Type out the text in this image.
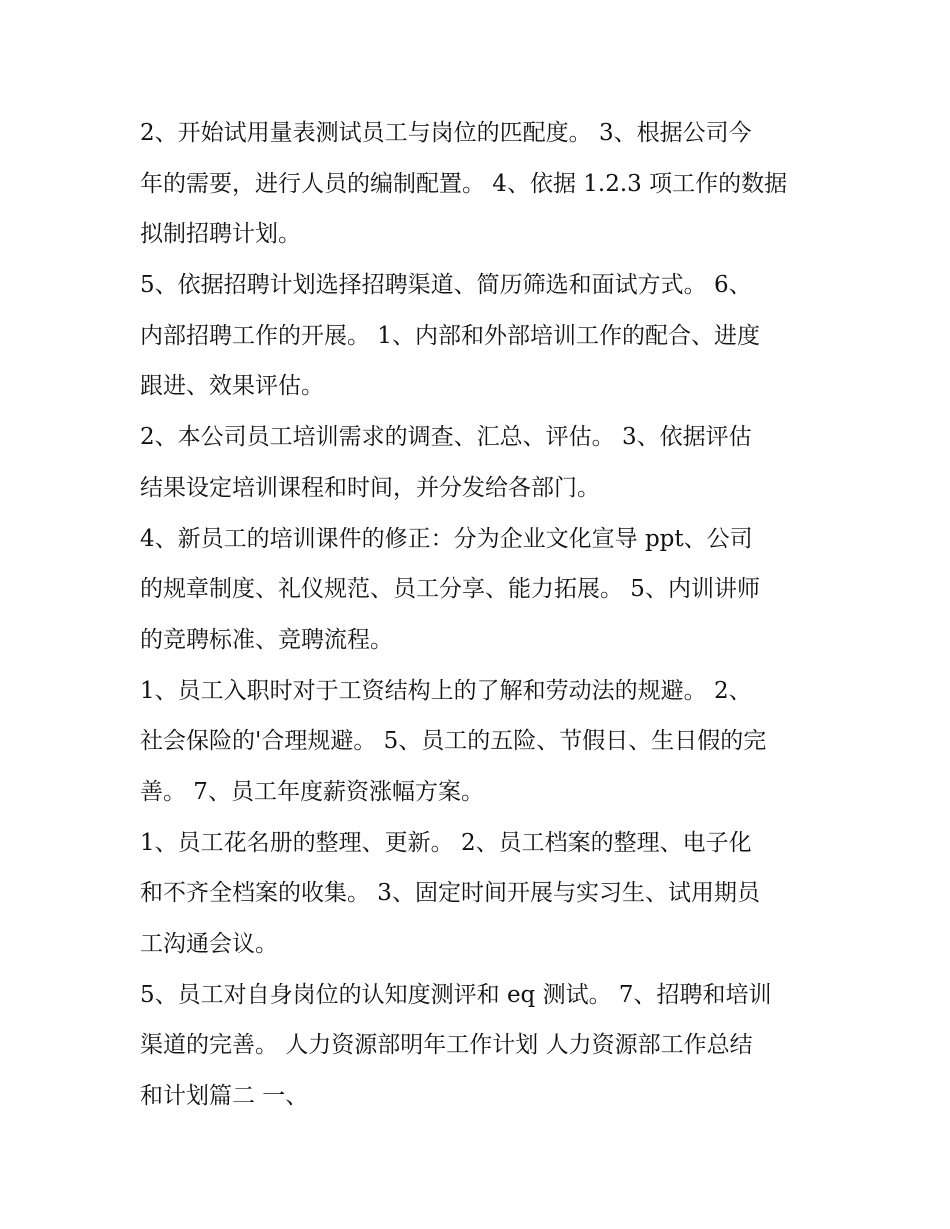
2、开始试用量表测试员工与岗位的匹配度。 3、根据公司今
年的需要，进行人员的编制配置。 4、依据 1.2.3 项工作的数据
拟制招聘计划。

5、依据招聘计划选择招聘渠道、简历筛选和面试方式。 6、
内部招聘工作的开展。 1、内部和外部培训工作的配合、进度
跟进、效果评估。

2、本公司员工培训需求的调查、汇总、评估。 3、依据评估
结果设定培训课程和时间，并分发给各部门。

4、新员工的培训课件的修正：分为企业文化宣导 ppt、公司
的规章制度、礼仪规范、员工分享、能力拓展。 5、内训讲师
的竞聘标准、竞聘流程。

1、员工入职时对于工资结构上的了解和劳动法的规避。 2、
社会保险的'合理规避。 5、员工的五险、节假日、生日假的完
善。 7、员工年度薪资涨幅方案。

1、员工花名册的整理、更新。 2、员工档案的整理、电子化
和不齐全档案的收集。 3、固定时间开展与实习生、试用期员
工沟通会议。

5、员工对自身岗位的认知度测评和 eq 测试。 7、招聘和培训
渠道的完善。 人力资源部明年工作计划 人力资源部工作总结
和计划篇二 一、
